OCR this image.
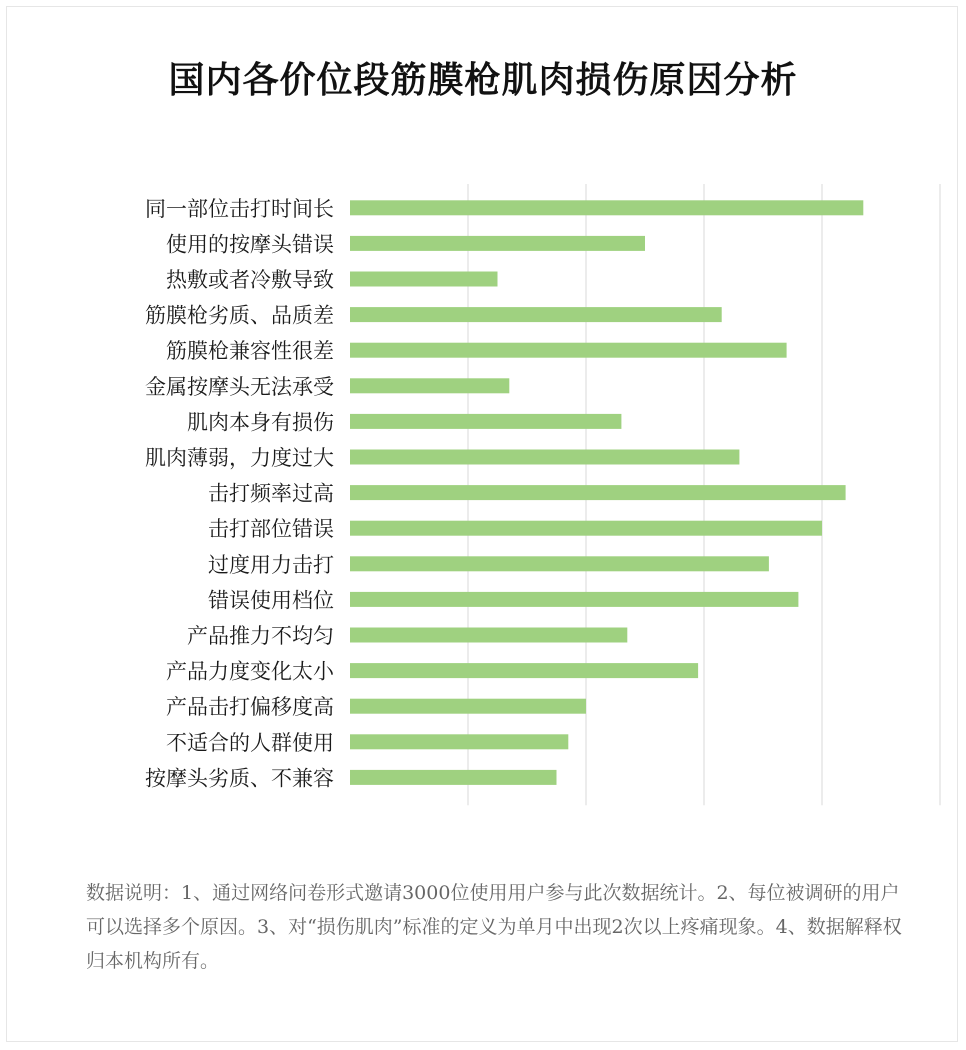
国内各价位段筋膜枪肌肉损伤原因分析
同一部位击打时间长
使用的按摩头错误
热敷或者冷敷导致
筋膜枪劣质、品质差
筋膜枪兼容性很差
金属按摩头无法承受
肌肉本身有损伤
肌肉薄弱，力度过大
击打频率过高
击打部位错误
过度用力击打
错误使用档位
产品推力不均匀
产品力度变化太小
产品击打偏移度高
不适合的人群使用
按摩头劣质、不兼容
数据说明：1、通过网络问卷形式邀请3000位使用用户参与此次数据统计。2、每位被调研的用户可以选择多个原因。3、对“损伤肌肉”标准的定义为单月中出现2次以上疼痛现象。4、数据解释权归本机构所有。
